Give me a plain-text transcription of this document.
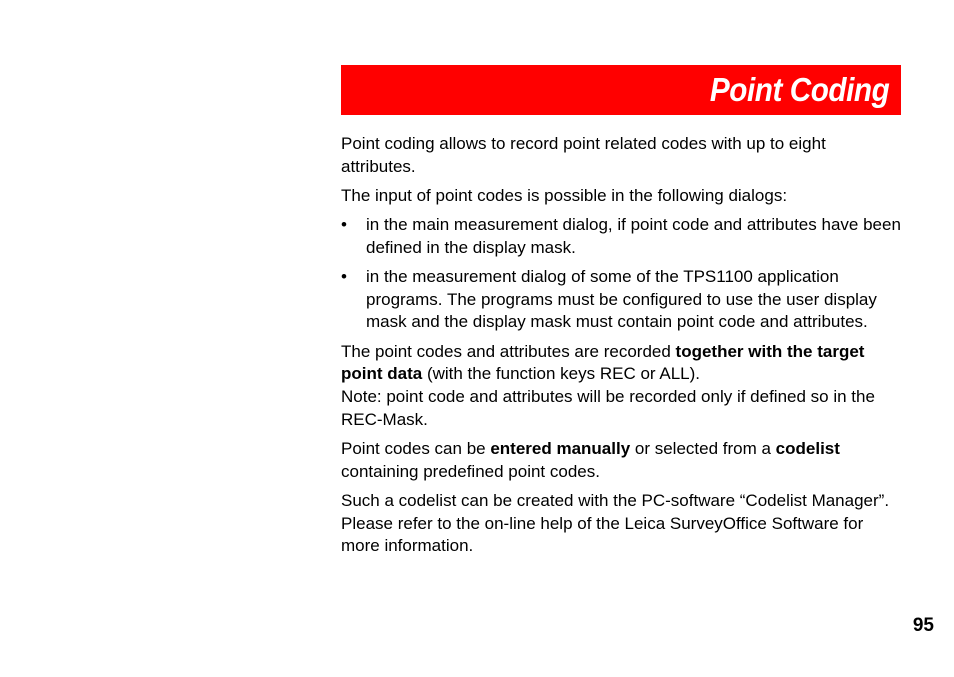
Point Coding

Point coding allows to record point related codes with up to eight attributes.

The input of point codes is possible in the following dialogs:

• in the main measurement dialog, if point code and attributes have been defined in the display mask.
• in the measurement dialog of some of the TPS1100 application programs. The programs must be configured to use the user display mask and the display mask must contain point code and attributes.

The point codes and attributes are recorded together with the target point data (with the function keys REC or ALL).

Note: point code and attributes will be recorded only if defined so in the REC-Mask.

Point codes can be entered manually or selected from a codelist containing predefined point codes.

Such a codelist can be created with the PC-software “Codelist Manager”. Please refer to the on-line help of the Leica SurveyOffice Software for more information.

95
